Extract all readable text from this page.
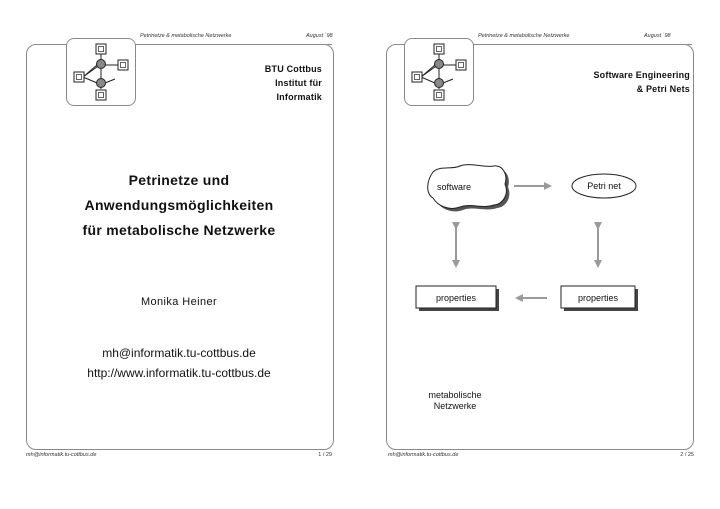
Petrinetze & metabolische Netzwerke	August ´98
BTU Cottbus
Institut für
Informatik
Petrinetze und
Anwendungsmöglichkeiten
für metabolische Netzwerke
Monika Heiner
mh@informatik.tu-cottbus.de
http://www.informatik.tu-cottbus.de
mh@informatik.tu-cottbus.de	1 / 29
Petrinetze & metabolische Netzwerke	August ´98
Software Engineering
& Petri Nets
mh@informatik.tu-cottbus.de	2 / 25
software	Petri net
properties	properties
metabolische
Netzwerke
